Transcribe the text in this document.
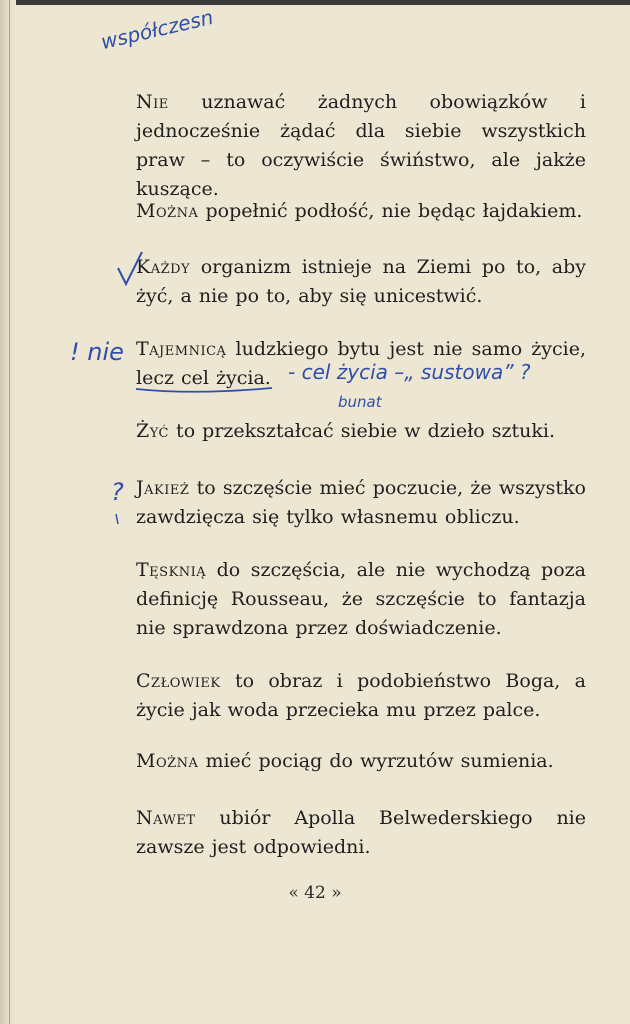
Nie uznawać żadnych obowiązków i jednocześnie żądać dla siebie wszystkich praw – to oczywiście świństwo, ale jakże kuszące.

Można popełnić podłość, nie będąc łajdakiem.

Każdy organizm istnieje na Ziemi po to, aby żyć, a nie po to, aby się unicestwić.

Tajemnicą ludzkiego bytu jest nie samo życie, lecz cel życia.

Żyć to przekształcać siebie w dzieło sztuki.

Jakież to szczęście mieć poczucie, że wszystko zawdzięcza się tylko własnemu obliczu.

Tęsknią do szczęścia, ale nie wychodzą poza definicję Rousseau, że szczęście to fantazja nie sprawdzona przez doświadczenie.

Człowiek to obraz i podobieństwo Boga, a życie jak woda przecieka mu przez palce.

Można mieć pociąg do wyrzutów sumienia.

Nawet ubiór Apolla Belwederskiego nie zawsze jest odpowiedni.

« 42 »
współczesn
! nie
- cel życia –„ sustowa” ?
bunat
?
